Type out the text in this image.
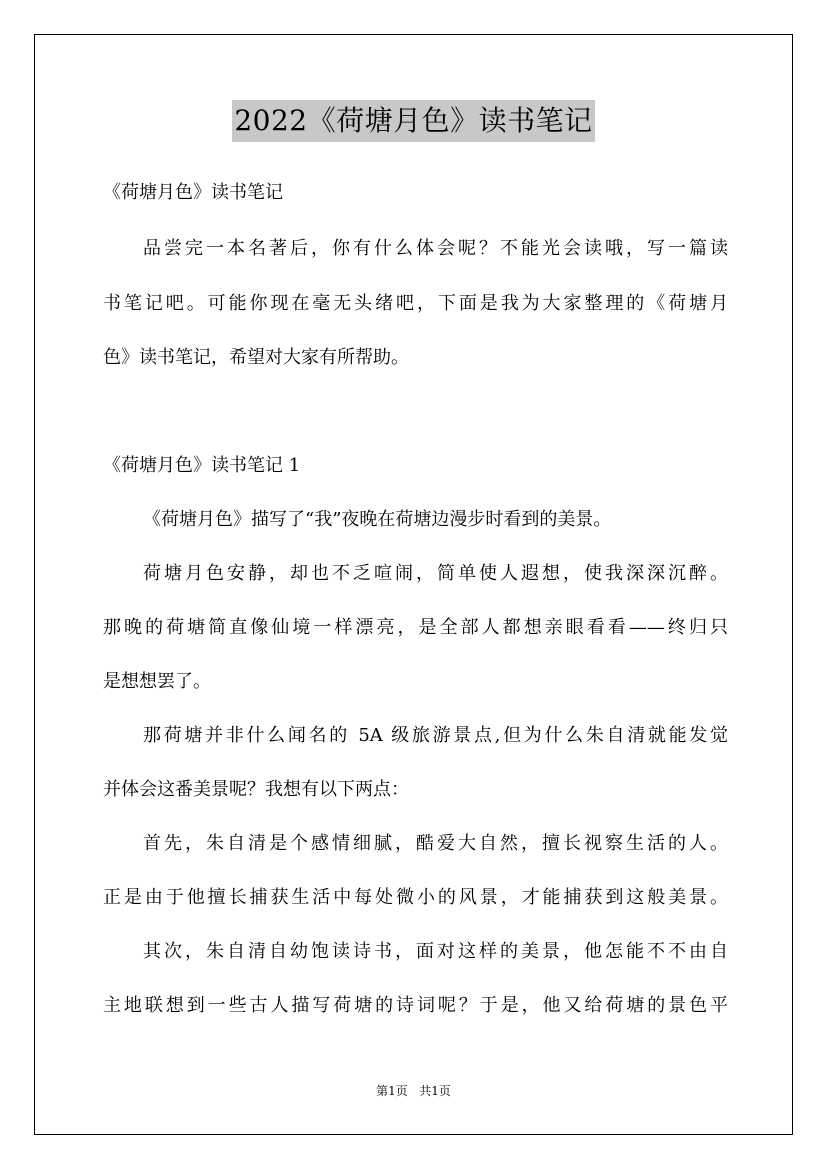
2022《荷塘月色》读书笔记
《荷塘月色》读书笔记
品尝完一本名著后，你有什么体会呢？不能光会读哦，写一篇读
书笔记吧。可能你现在毫无头绪吧，下面是我为大家整理的《荷塘月
色》读书笔记，希望对大家有所帮助。
《荷塘月色》读书笔记 1
《荷塘月色》描写了“我”夜晚在荷塘边漫步时看到的美景。
荷塘月色安静，却也不乏喧闹，简单使人遐想，使我深深沉醉。
那晚的荷塘简直像仙境一样漂亮，是全部人都想亲眼看看——终归只
是想想罢了。
那荷塘并非什么闻名的 5A 级旅游景点,但为什么朱自清就能发觉
并体会这番美景呢？我想有以下两点：
首先，朱自清是个感情细腻，酷爱大自然，擅长视察生活的人。
正是由于他擅长捕获生活中每处微小的风景，才能捕获到这般美景。
其次，朱自清自幼饱读诗书，面对这样的美景，他怎能不不由自
主地联想到一些古人描写荷塘的诗词呢？于是，他又给荷塘的景色平
第1页 共1页
